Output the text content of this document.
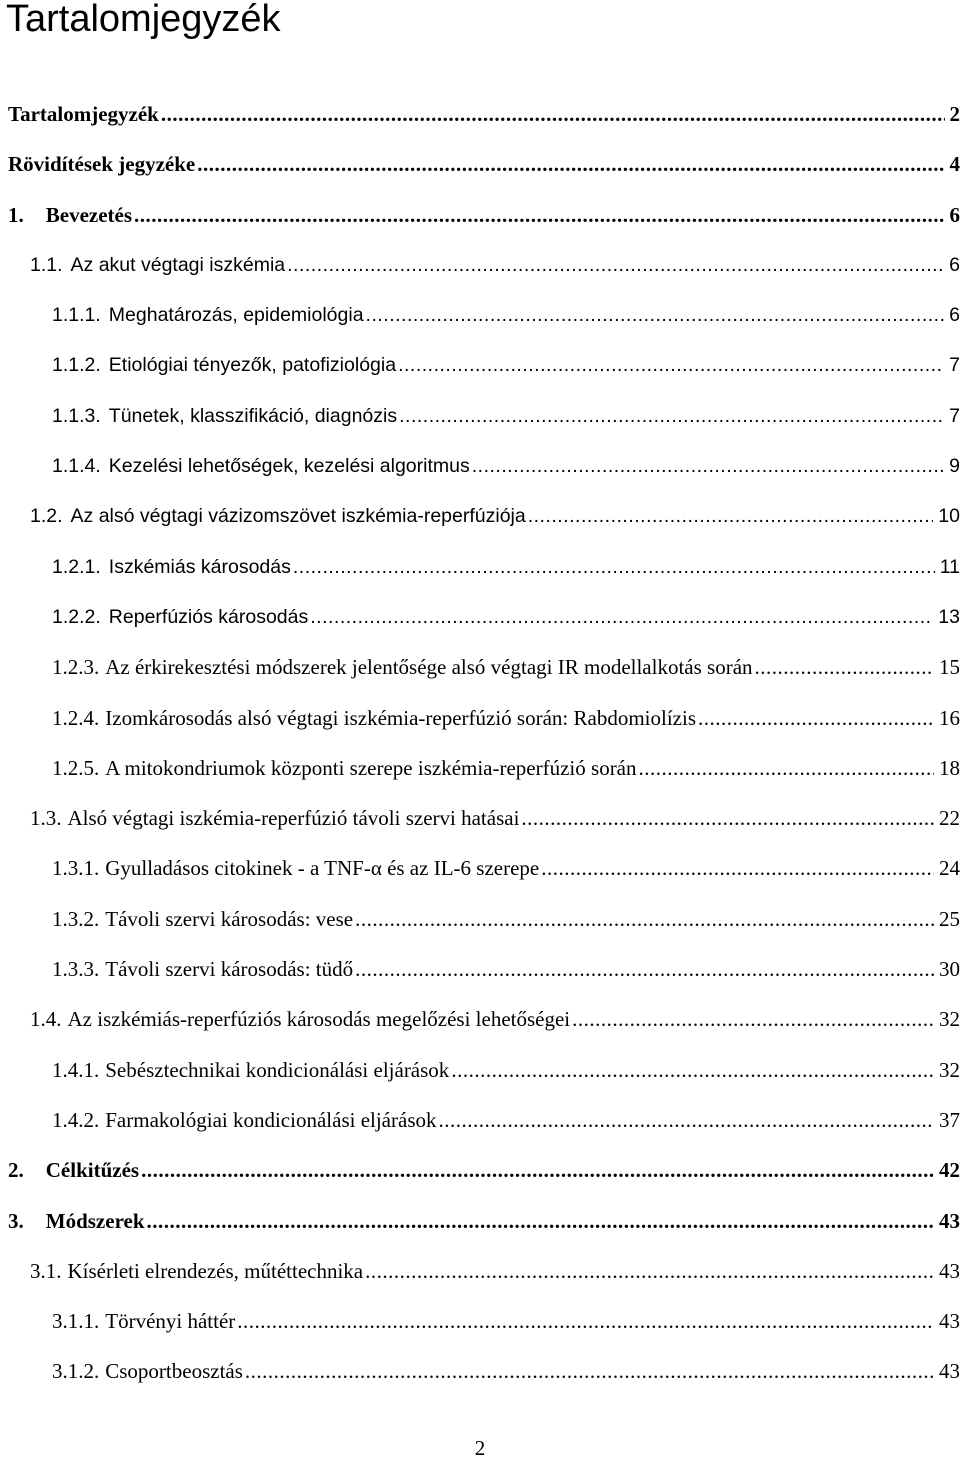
Tartalomjegyzék
Tartalomjegyzék .....	2
Rövidítések jegyzéke .....	4
1. Bevezetés .....	6
1.1. Az akut végtagi iszkémia .....	6
1.1.1. Meghatározás, epidemiológia .....	6
1.1.2. Etiológiai tényezők, patofiziológia .....	7
1.1.3. Tünetek, klasszifikáció, diagnózis .....	7
1.1.4. Kezelési lehetőségek, kezelési algoritmus .....	9
1.2. Az alsó végtagi vázizomszövet iszkémia-reperfúziója .....	10
1.2.1. Iszkémiás károsodás .....	11
1.2.2. Reperfúziós károsodás .....	13
1.2.3. Az érkirekesztési módszerek jelentősége alsó végtagi IR modellalkotás során .....	15
1.2.4. Izomkárosodás alsó végtagi iszkémia-reperfúzió során: Rabdomiolízis .....	16
1.2.5. A mitokondriumok központi szerepe iszkémia-reperfúzió során .....	18
1.3. Alsó végtagi iszkémia-reperfúzió távoli szervi hatásai .....	22
1.3.1. Gyulladásos citokinek - a TNF-α és az IL-6 szerepe .....	24
1.3.2. Távoli szervi károsodás: vese .....	25
1.3.3. Távoli szervi károsodás: tüdő .....	30
1.4. Az iszkémiás-reperfúziós károsodás megelőzési lehetőségei .....	32
1.4.1. Sebésztechnikai kondicionálási eljárások .....	32
1.4.2. Farmakológiai kondicionálási eljárások .....	37
2. Célkitűzés .....	42
3. Módszerek .....	43
3.1. Kísérleti elrendezés, műtéttechnika .....	43
3.1.1. Törvényi háttér .....	43
3.1.2. Csoportbeosztás .....	43
2
